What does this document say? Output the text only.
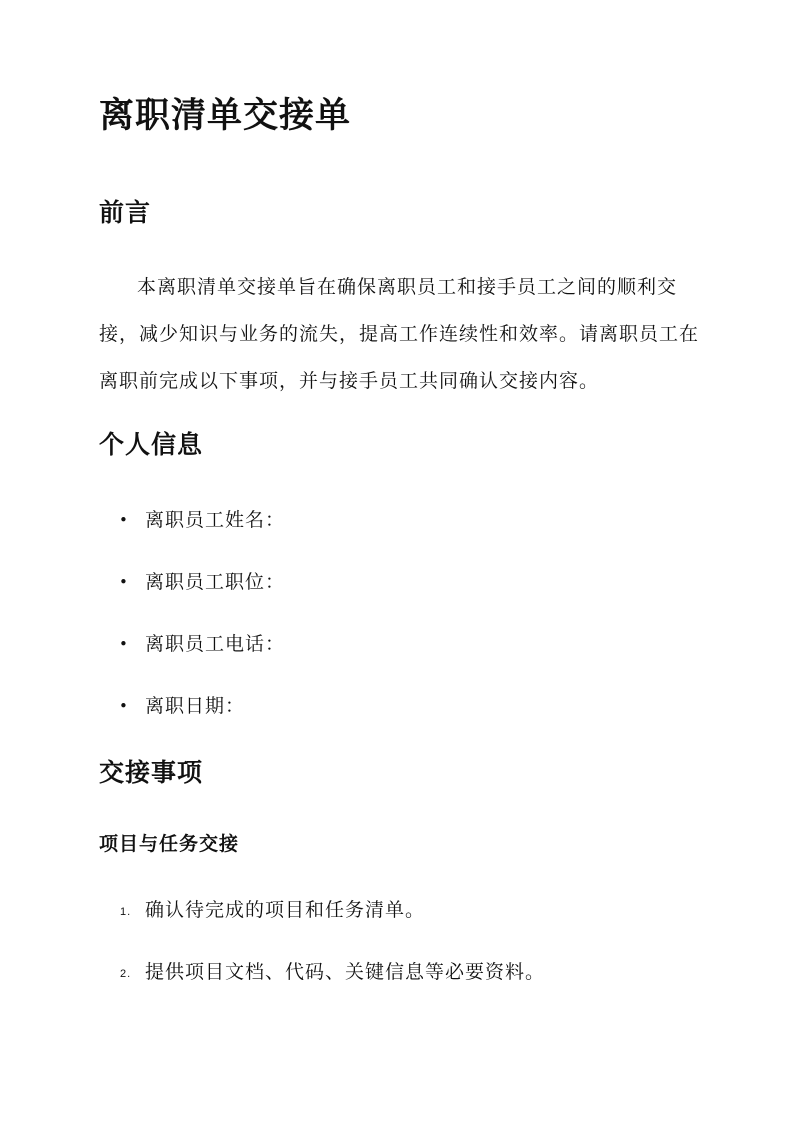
离职清单交接单
前言

本离职清单交接单旨在确保离职员工和接手员工之间的顺利交接，减少知识与业务的流失，提高工作连续性和效率。请离职员工在离职前完成以下事项，并与接手员工共同确认交接内容。

个人信息
• 离职员工姓名：
• 离职员工职位：
• 离职员工电话：
• 离职日期：
交接事项
项目与任务交接
1. 确认待完成的项目和任务清单。
2. 提供项目文档、代码、关键信息等必要资料。
